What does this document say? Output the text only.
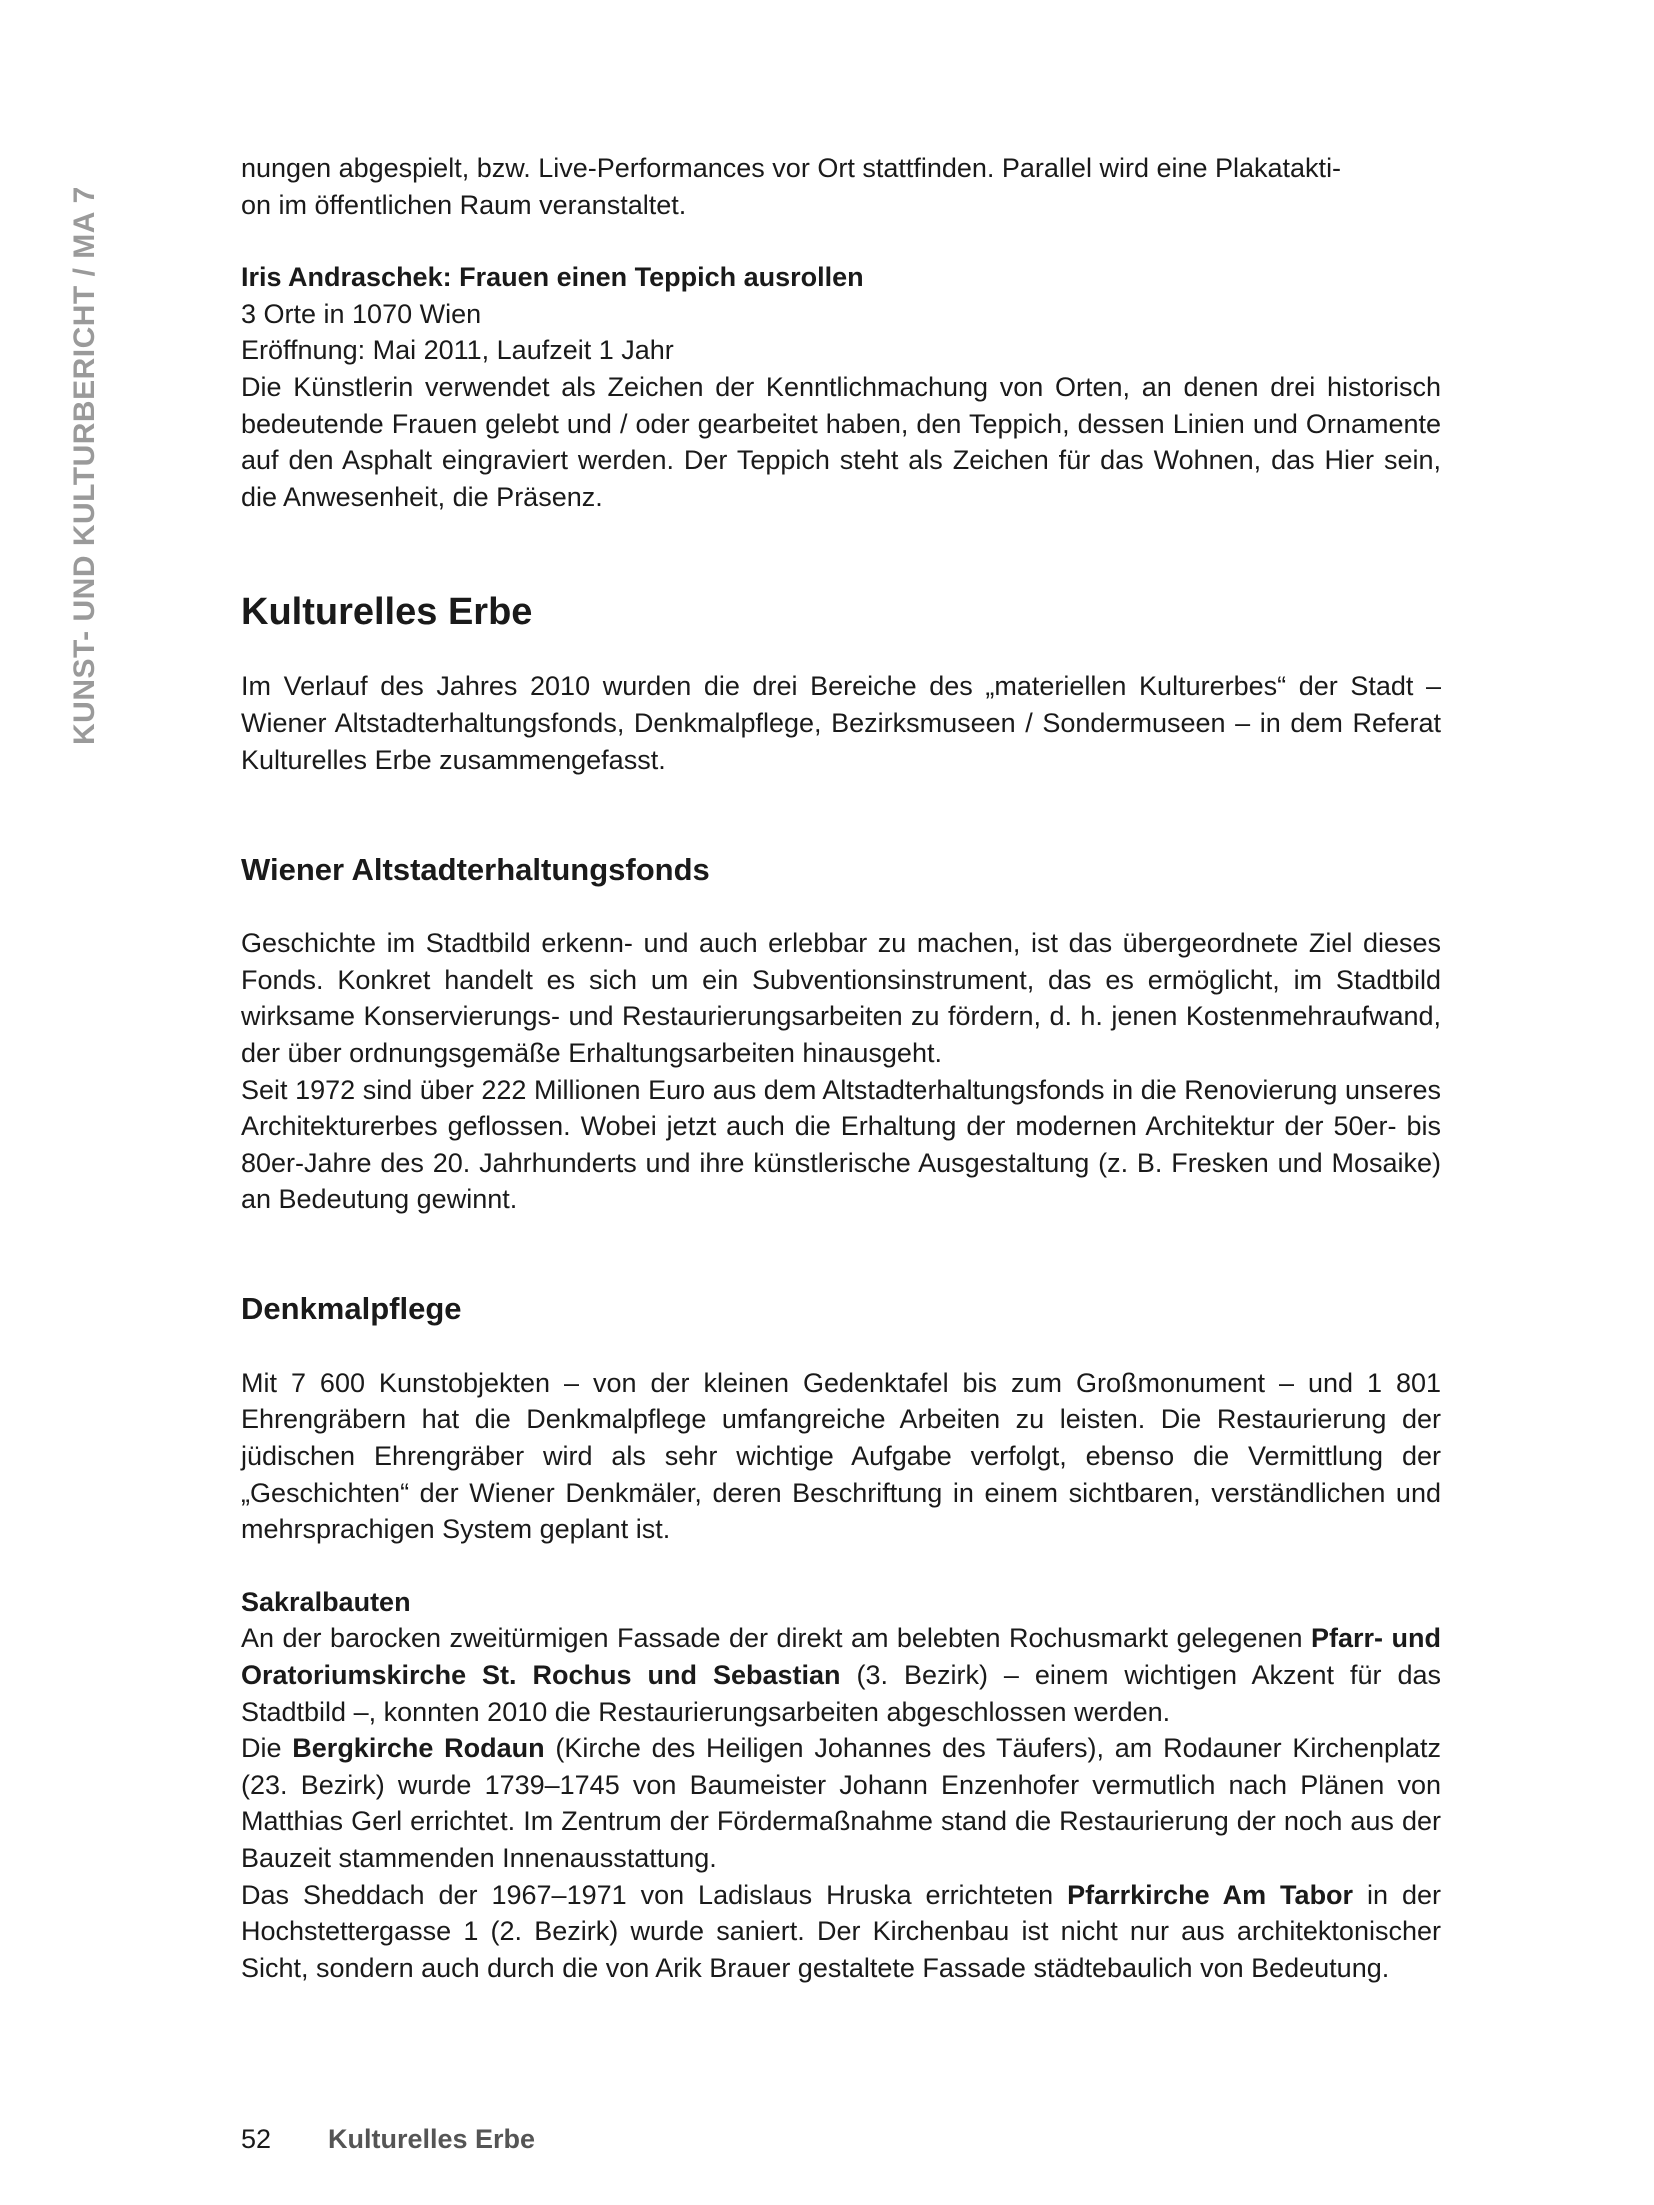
KUNST- UND KULTURBERICHT / MA 7

nungen abgespielt, bzw. Live-Performances vor Ort stattfinden. Parallel wird eine Plakatakti-

on im öffentlichen Raum veranstaltet.

Iris Andraschek: Frauen einen Teppich ausrollen

3 Orte in 1070 Wien

Eröffnung: Mai 2011, Laufzeit 1 Jahr

Die Künstlerin verwendet als Zeichen der Kenntlichmachung von Orten, an denen drei historisch bedeutende Frauen gelebt und / oder gearbeitet haben, den Teppich, dessen Linien und Ornamente auf den Asphalt eingraviert werden. Der Teppich steht als Zeichen für das Wohnen, das Hier sein, die Anwesenheit, die Präsenz.

Kulturelles Erbe

Im Verlauf des Jahres 2010 wurden die drei Bereiche des „materiellen Kulturerbes“ der Stadt – Wiener Altstadterhaltungsfonds, Denkmalpflege, Bezirksmuseen / Sondermuseen – in dem Referat Kulturelles Erbe zusammengefasst.

Wiener Altstadterhaltungsfonds

Geschichte im Stadtbild erkenn- und auch erlebbar zu machen, ist das übergeordnete Ziel dieses Fonds. Konkret handelt es sich um ein Subventionsinstrument, das es ermöglicht, im Stadtbild wirksame Konservierungs- und Restaurierungsarbeiten zu fördern, d. h. jenen Kostenmehraufwand, der über ordnungsgemäße Erhaltungsarbeiten hinausgeht.

Seit 1972 sind über 222 Millionen Euro aus dem Altstadterhaltungsfonds in die Renovierung unseres Architekturerbes geflossen. Wobei jetzt auch die Erhaltung der modernen Architektur der 50er- bis 80er-Jahre des 20. Jahrhunderts und ihre künstlerische Ausgestaltung (z. B. Fresken und Mosaike) an Bedeutung gewinnt.

Denkmalpflege

Mit 7 600 Kunstobjekten – von der kleinen Gedenktafel bis zum Großmonument – und 1 801 Ehrengräbern hat die Denkmalpflege umfangreiche Arbeiten zu leisten. Die Restaurierung der jüdischen Ehrengräber wird als sehr wichtige Aufgabe verfolgt, ebenso die Vermittlung der „Geschichten“ der Wiener Denkmäler, deren Beschriftung in einem sichtbaren, verständlichen und mehrsprachigen System geplant ist.

Sakralbauten

An der barocken zweitürmigen Fassade der direkt am belebten Rochusmarkt gelegenen Pfarr- und Oratoriumskirche St. Rochus und Sebastian (3. Bezirk) – einem wichtigen Akzent für das Stadtbild –, konnten 2010 die Restaurierungsarbeiten abgeschlossen werden.

Die Bergkirche Rodaun (Kirche des Heiligen Johannes des Täufers), am Rodauner Kirchenplatz (23. Bezirk) wurde 1739–1745 von Baumeister Johann Enzenhofer vermutlich nach Plänen von Matthias Gerl errichtet. Im Zentrum der Fördermaßnahme stand die Restaurierung der noch aus der Bauzeit stammenden Innenausstattung.

Das Sheddach der 1967–1971 von Ladislaus Hruska errichteten Pfarrkirche Am Tabor in der Hochstettergasse 1 (2. Bezirk) wurde saniert. Der Kirchenbau ist nicht nur aus architektonischer Sicht, sondern auch durch die von Arik Brauer gestaltete Fassade städtebaulich von Bedeutung.

52 Kulturelles Erbe
